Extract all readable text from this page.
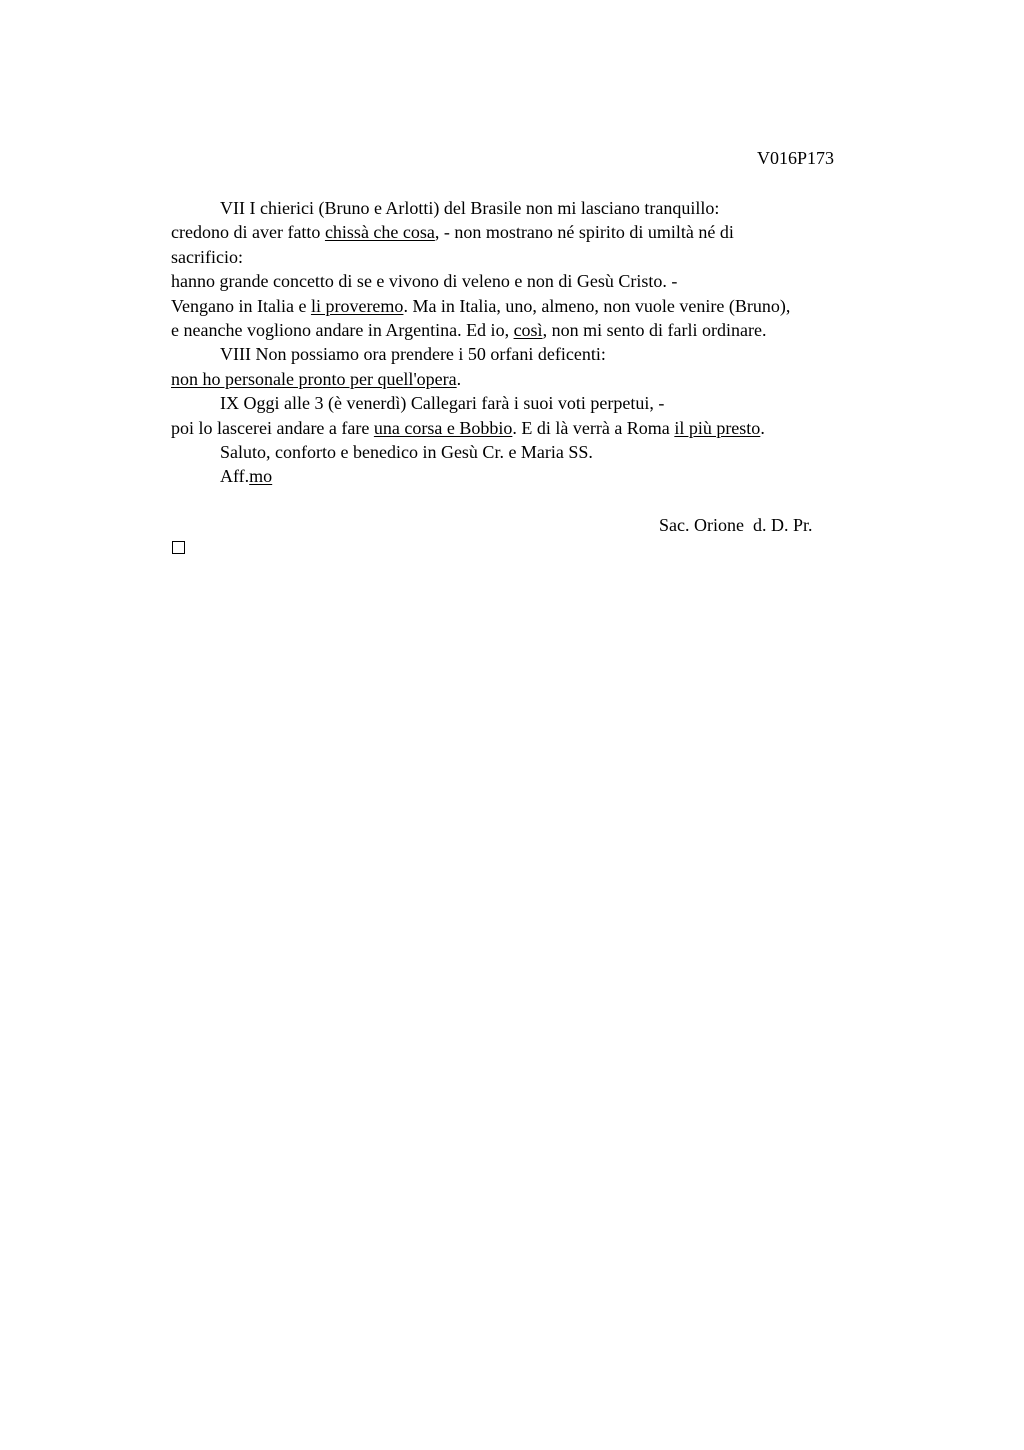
V016P173
VII I chierici (Bruno e Arlotti) del Brasile non mi lasciano tranquillo:
credono di aver fatto chissà che cosa, - non mostrano né spirito di umiltà né di
sacrificio:
hanno grande concetto di se e vivono di veleno e non di Gesù Cristo. -
Vengano in Italia e li proveremo. Ma in Italia, uno, almeno, non vuole venire (Bruno),
e neanche vogliono andare in Argentina. Ed io, così, non mi sento di farli ordinare.
VIII Non possiamo ora prendere i 50 orfani deficenti:
non ho personale pronto per quell'opera.
IX Oggi alle 3 (è venerdì) Callegari farà i suoi voti perpetui, -
poi lo lascerei andare a fare una corsa e Bobbio. E di là verrà a Roma il più presto.
Saluto, conforto e benedico in Gesù Cr. e Maria SS.
Aff.mo
Sac. Orione  d. D. Pr.
